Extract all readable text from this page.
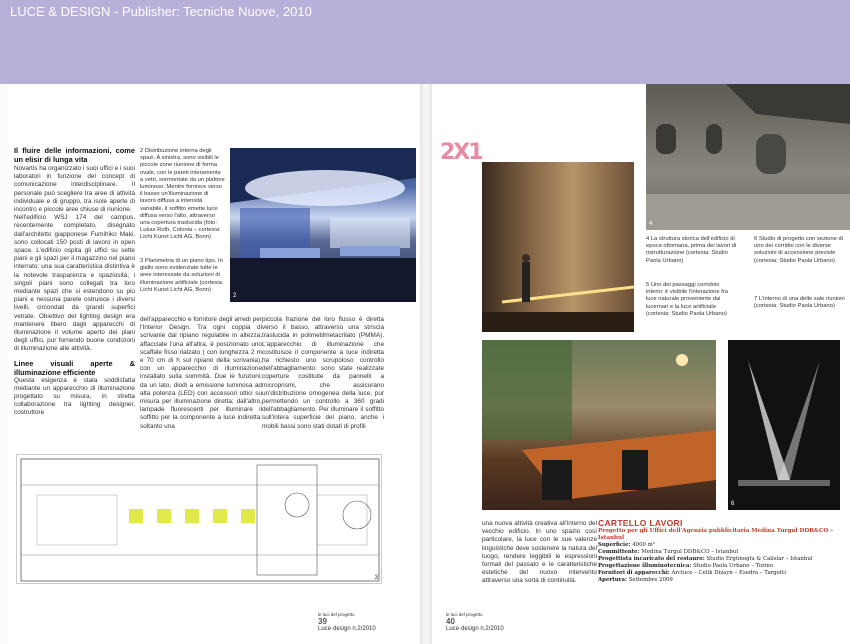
LUCE & DESIGN - Publisher: Tecniche Nuove, 2010
Il fluire delle informazioni, come un elisir di lunga vita
Novartis ha organizzato i suoi uffici e i suoi laboratori in funzione del concept di comunicazione interdisciplinare. Il personale può scegliere tra aree di attività individuale e di gruppo, tra isole aperte di incontro e piccole aree chiuse di riunione.
Nell'edificio WSJ 174 del campus, recentemente completato, disegnato dall'architetto giapponese Fumihiko Maki, sono collocati 150 posti di lavoro in open space. L'edificio ospita gli uffici su sette piani e gli spazi per il magazzino nel piano interrato: una sua caratteristica distintiva è la notevole trasparenza e spaziosità; i singoli piani sono collegati tra loro mediante spazi che si estendono su più piani e nessuna parete ostruisce i diversi livelli, circondati da grandi superfici vetrate. Obiettivo del lighting design era mantenere libero dagli apparecchi di illuminazione il volume aperto dei piani degli uffici, pur fornendo buone condizioni di illuminazione alle attività.
Linee visuali aperte & illuminazione efficiente
Questa esigenza è stata soddisfatta mediante un apparecchio di illuminazione progettato su misura, in stretta collaborazione tra lighting designer, costruttore
2 Distribuzione interna degli spazi. A sinistra, sono visibili le piccole zone riunione di forma ovale, con le pareti interamente a vetri, sormontate da un plafone luminoso. Mentre fornisce verso il basso un'illuminazione di lavoro diffusa a intensità variabile, il soffitto emette luce diffusa verso l'alto, attraverso una copertura traslucida (foto: Lukas Roth, Colonia – cortesia: Licht Kunst Licht AG, Bonn)
3 Planimetria di un piano tipo. In giallo sono evidenziate tutte le aree interessate da soluzioni di illuminazione artificiale (cortesia: Licht Kunst Licht AG, Bonn)
2
dell'apparecchio e fornitore degli arredi per l'Interior Design. Tra ogni coppia di scrivanie dal ripiano regolabile in altezza, affacciate l'una all'altra, è posizionato uno scaffale fisso rialzato ( con lunghezza 2 m e 70 cm di h sul ripiano della scrivania), con un apparecchio di illuminazione installato sulla sommità. Due le funzioni: da un lato, diodi a emissione luminosa ad alta potenza (LED) con accessori ottici su misura per illuminazione diretta; dall'altro, lampade fluorescenti per illuminare il soffitto per la componente a luce indiretta: soltanto una
piccola frazione del loro flusso è diretta verso il basso, attraverso una striscia traslucida in polimetilmetacrilato (PMMA). L'apparecchio di illuminazione che costituisce il componente a luce indiretta ha richiesto uno scrupoloso controllo dell'abbagliamento: sono state realizzate coperture costituite da pannelli a microprismi, che assicurano un'distribuzione omogenea della luce, pur permettendo un controllo a 360 gradi dell'abbagliamento. Per illuminare il soffitto sull'intera superficie del piano, anche i mobili bassi sono stati dotati di profili
3
le luci del progetto
39
Luce·design n.2/2010
2X1
4
4 La struttura storica dell'edificio di epoca ottomana, prima dei lavori di ristrutturazione (cortesia: Studio Paola Urbano)
5 Uno dei passaggi corridoio interni: è visibile l'interazione fra luce naturale proveniente dai lucernari e la luce artificiale (cortesia: Studio Paola Urbano)
6 Studio di progetto con sezione di uno dei corridoi con le diverse soluzioni di accensione previste (cortesia: Studio Paola Urbano)
7 L'interno di una delle sale riunioni (cortesia: Studio Paola Urbano)
6
una nuova attività creativa all'interno del vecchio edificio. In uno spazio così particolare, la luce con le sue valenze linguistiche deve sostenere la natura del luogo, rendere leggibili le espressioni formali del passato e le caratteristiche estetiche del nuovo intervento attraverso una sorta di continuità.
le luci del progetto
40
Luce·design n.2/2010
CARTELLO LAVORI
Progetto per gli Uffici dell'Agenzia pubblicitaria Medina Turgul DDB&CO – Istanbul
Superficie: 4000 m²
Committente: Medina Turgul DDB&CO – Istanbul
Progettista incaricato del restauro: Studio Ergünoglu & Calislar – Istanbul
Progettazione illuminotecnica: Studio Paola Urbano – Torino
Fornitori di apparecchi: Arcluce – Celik Dizayn – Esedra – Targetti
Apertura: Settembre 2009
